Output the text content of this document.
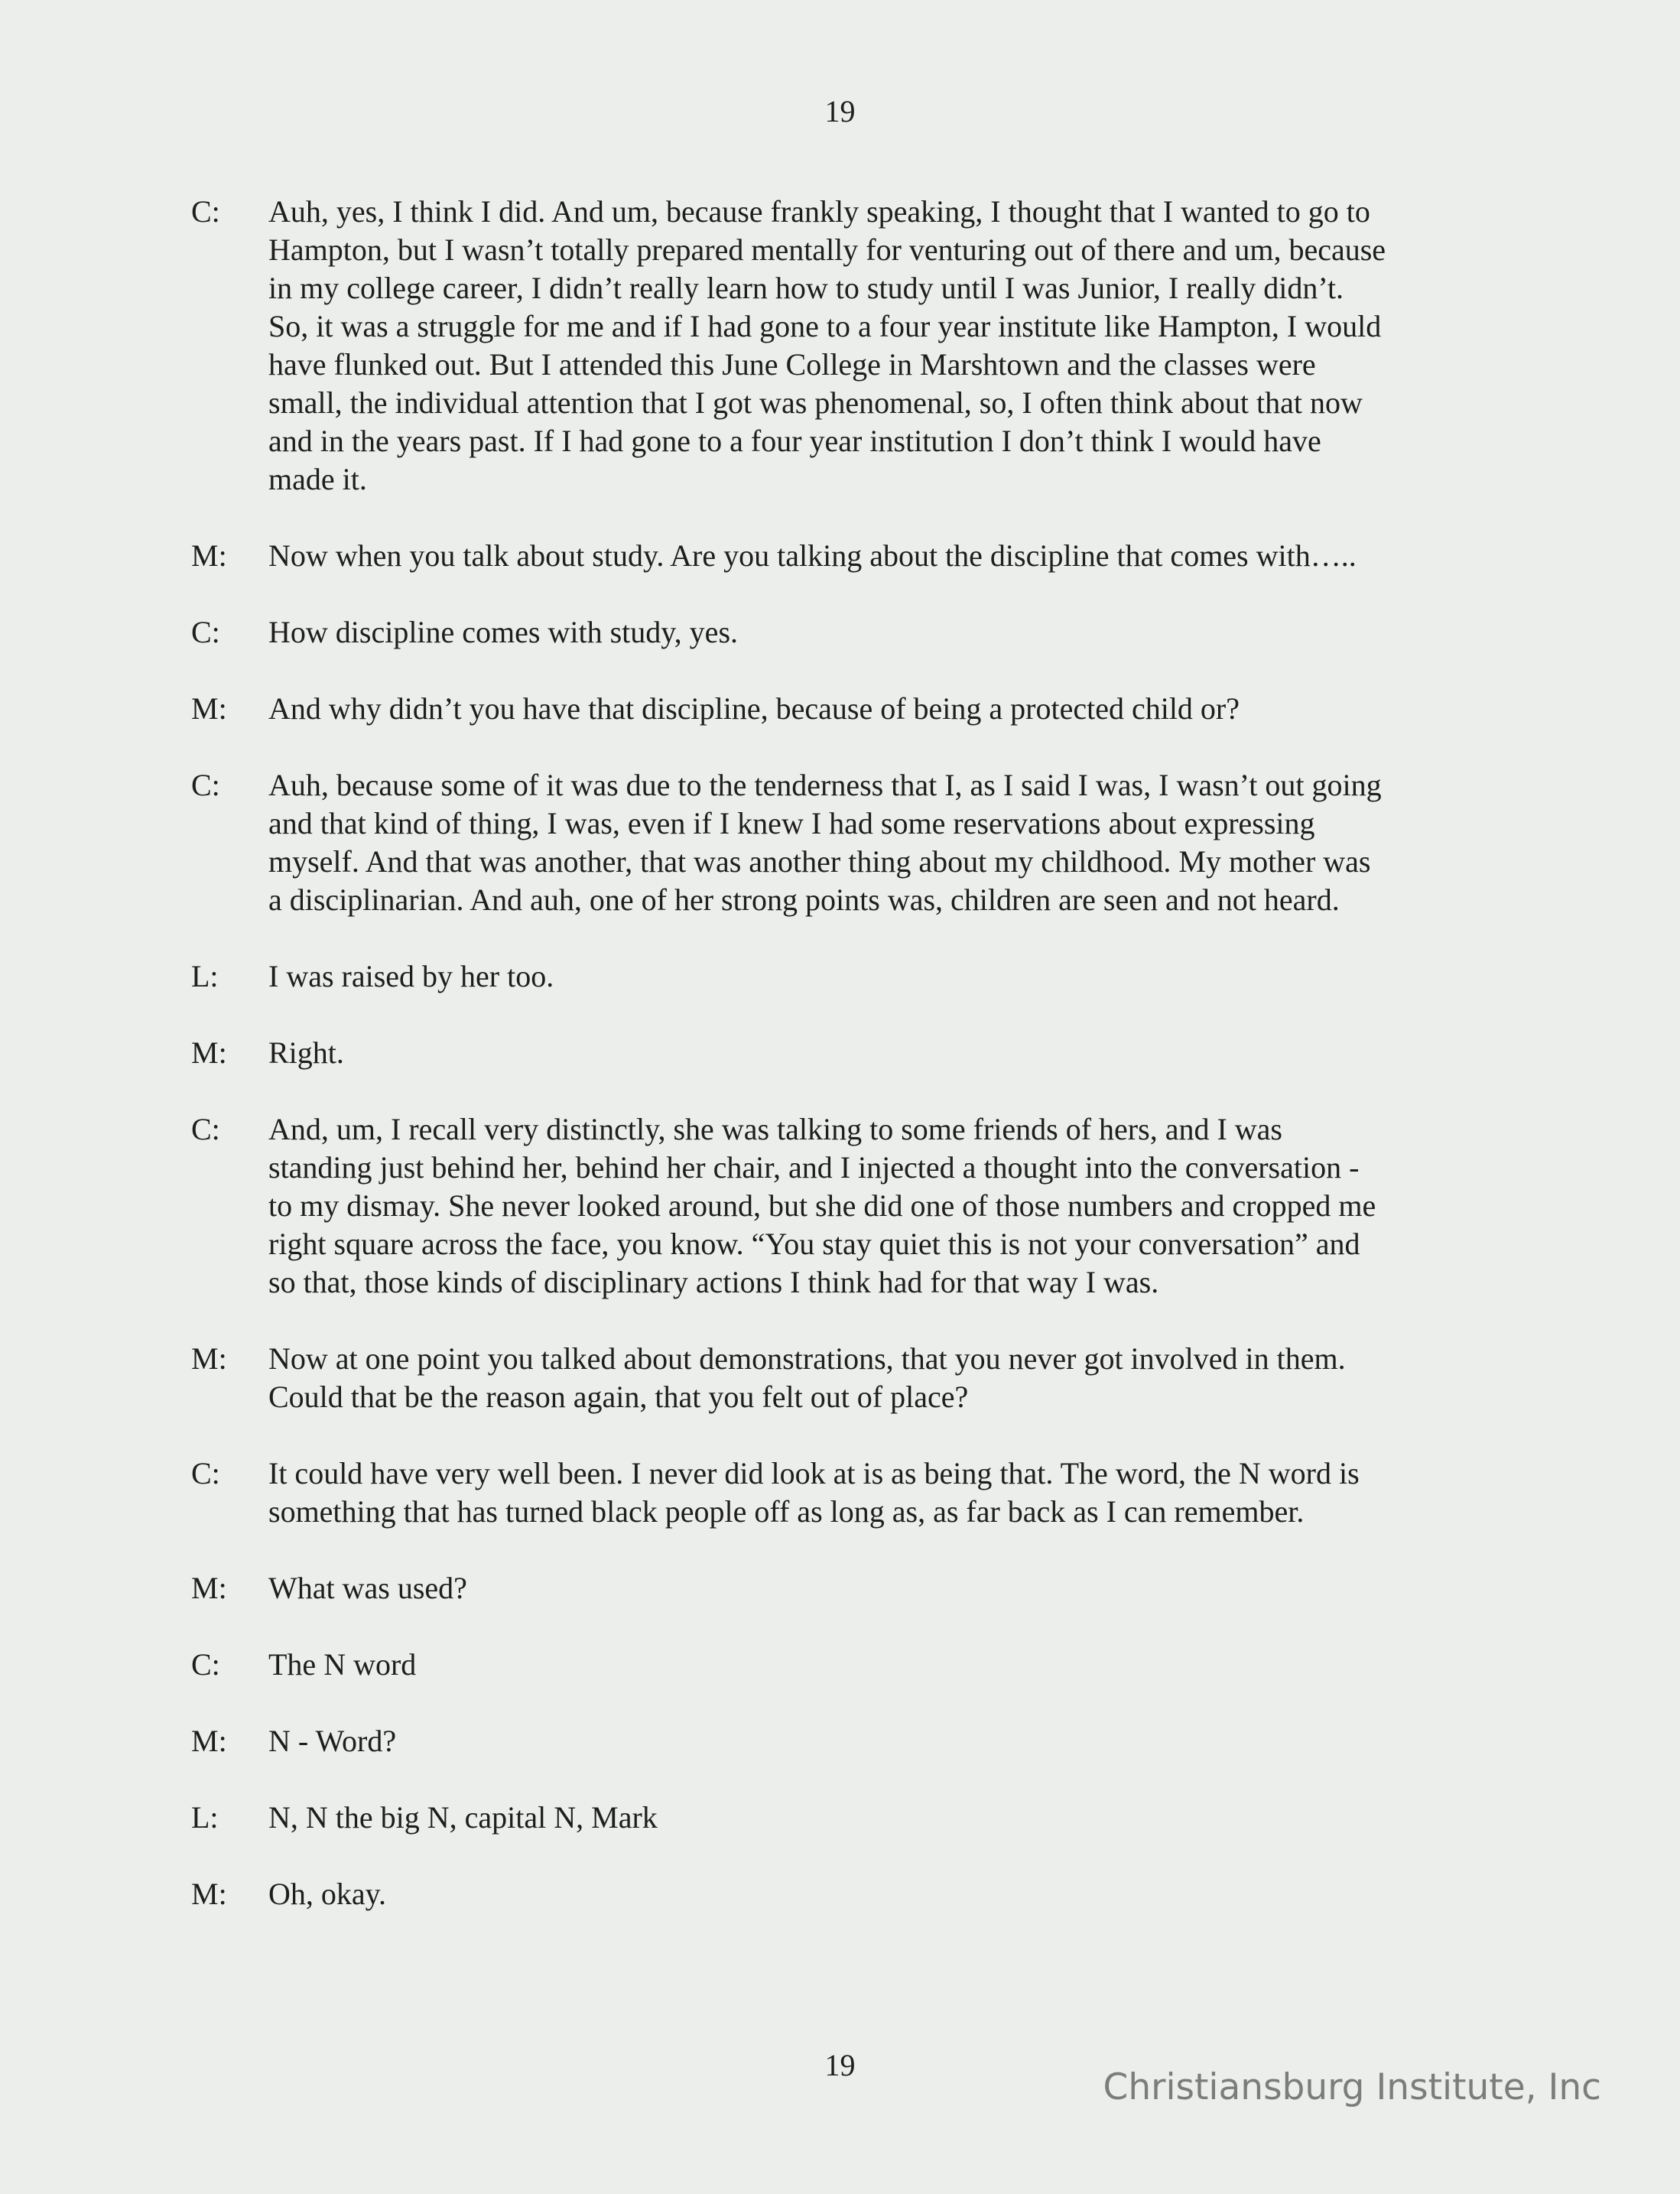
19
C:	Auh, yes, I think I did. And um, because frankly speaking, I thought that I wanted to go to
Hampton, but I wasn’t totally prepared mentally for venturing out of there and um, because
in my college career, I didn’t really learn how to study until I was Junior, I really didn’t.
So, it was a struggle for me and if I had gone to a four year institute like Hampton, I would
have flunked out. But I attended this June College in Marshtown and the classes were
small, the individual attention that I got was phenomenal, so, I often think about that now
and in the years past. If I had gone to a four year institution I don’t think I would have
made it.
M:	Now when you talk about study. Are you talking about the discipline that comes with…..
C:	How discipline comes with study, yes.
M:	And why didn’t you have that discipline, because of being a protected child or?
C:	Auh, because some of it was due to the tenderness that I, as I said I was, I wasn’t out going
and that kind of thing, I was, even if I knew I had some reservations about expressing
myself. And that was another, that was another thing about my childhood. My mother was
a disciplinarian. And auh, one of her strong points was, children are seen and not heard.
L:	I was raised by her too.
M:	Right.
C:	And, um, I recall very distinctly, she was talking to some friends of hers, and I was
standing just behind her, behind her chair, and I injected a thought into the conversation -
to my dismay. She never looked around, but she did one of those numbers and cropped me
right square across the face, you know. “You stay quiet this is not your conversation” and
so that, those kinds of disciplinary actions I think had for that way I was.
M:	Now at one point you talked about demonstrations, that you never got involved in them.
Could that be the reason again, that you felt out of place?
C:	It could have very well been. I never did look at is as being that. The word, the N word is
something that has turned black people off as long as, as far back as I can remember.
M:	What was used?
C:	The N word
M:	N - Word?
L:	N, N the big N, capital N, Mark
M:	Oh, okay.
19
Christiansburg Institute, Inc
